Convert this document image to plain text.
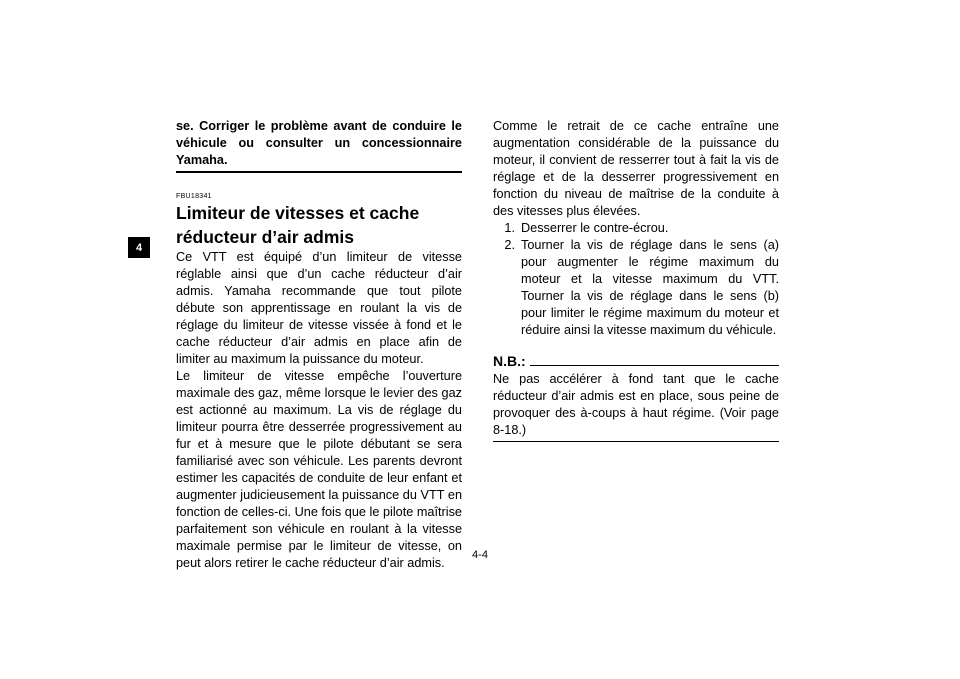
4
se. Corriger le problème avant de conduire le véhicule ou consulter un concessionnaire Yamaha.
FBU18341
Limiteur de vitesses et cache réducteur d’air admis

Ce VTT est équipé d’un limiteur de vitesse réglable ainsi que d’un cache réducteur d’air admis. Yamaha recommande que tout pilote débute son apprentissage en roulant la vis de réglage du limiteur de vitesse vissée à fond et le cache réducteur d’air admis en place afin de limiter au maximum la puissance du moteur.

Le limiteur de vitesse empêche l’ouverture maximale des gaz, même lorsque le levier des gaz est actionné au maximum. La vis de réglage du limiteur pourra être desserrée progressivement au fur et à mesure que le pilote débutant se sera familiarisé avec son véhicule. Les parents devront estimer les capacités de conduite de leur enfant et augmenter judicieusement la puissance du VTT en fonction de celles-ci. Une fois que le pilote maîtrise parfaitement son véhicule en roulant à la vitesse maximale permise par le limiteur de vitesse, on peut alors retirer le cache réducteur d’air admis.

Comme le retrait de ce cache entraîne une augmentation considérable de la puissance du moteur, il convient de resserrer tout à fait la vis de réglage et de la desserrer progressivement en fonction du niveau de maîtrise de la conduite à des vitesses plus élevées.

1. Desserrer le contre-écrou.
2. Tourner la vis de réglage dans le sens (a) pour augmenter le régime maximum du moteur et la vitesse maximum du VTT. Tourner la vis de réglage dans le sens (b) pour limiter le régime maximum du moteur et réduire ainsi la vitesse maximum du véhicule.
N.B.:

Ne pas accélérer à fond tant que le cache réducteur d’air admis est en place, sous peine de provoquer des à-coups à haut régime. (Voir page 8-18.)

4-4
